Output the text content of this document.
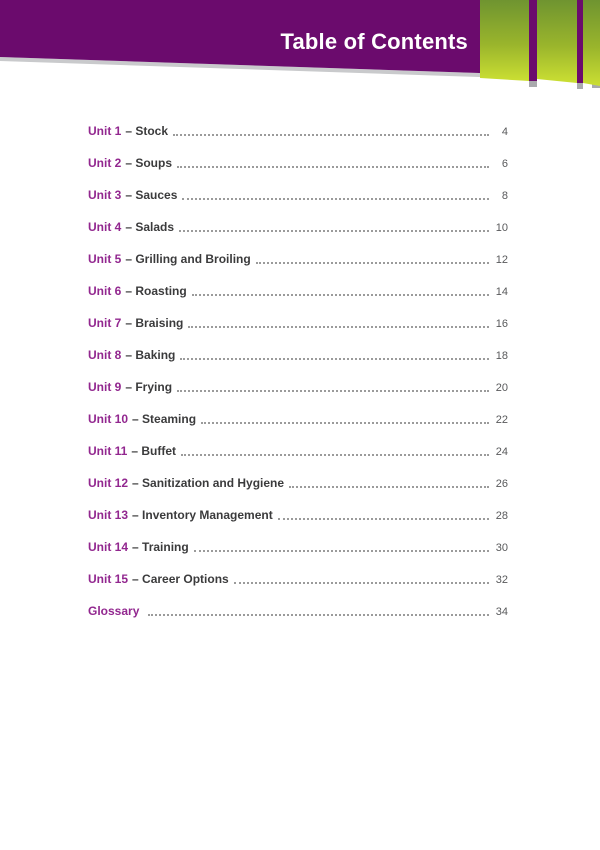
Table of Contents
Unit 1 – Stock	4
Unit 2 – Soups	6
Unit 3 – Sauces	8
Unit 4 – Salads	10
Unit 5 – Grilling and Broiling	12
Unit 6 – Roasting	14
Unit 7 – Braising	16
Unit 8 – Baking	18
Unit 9 – Frying	20
Unit 10 – Steaming	22
Unit 11 – Buffet	24
Unit 12 – Sanitization and Hygiene	26
Unit 13 – Inventory Management	28
Unit 14 – Training	30
Unit 15 – Career Options	32
Glossary	34
